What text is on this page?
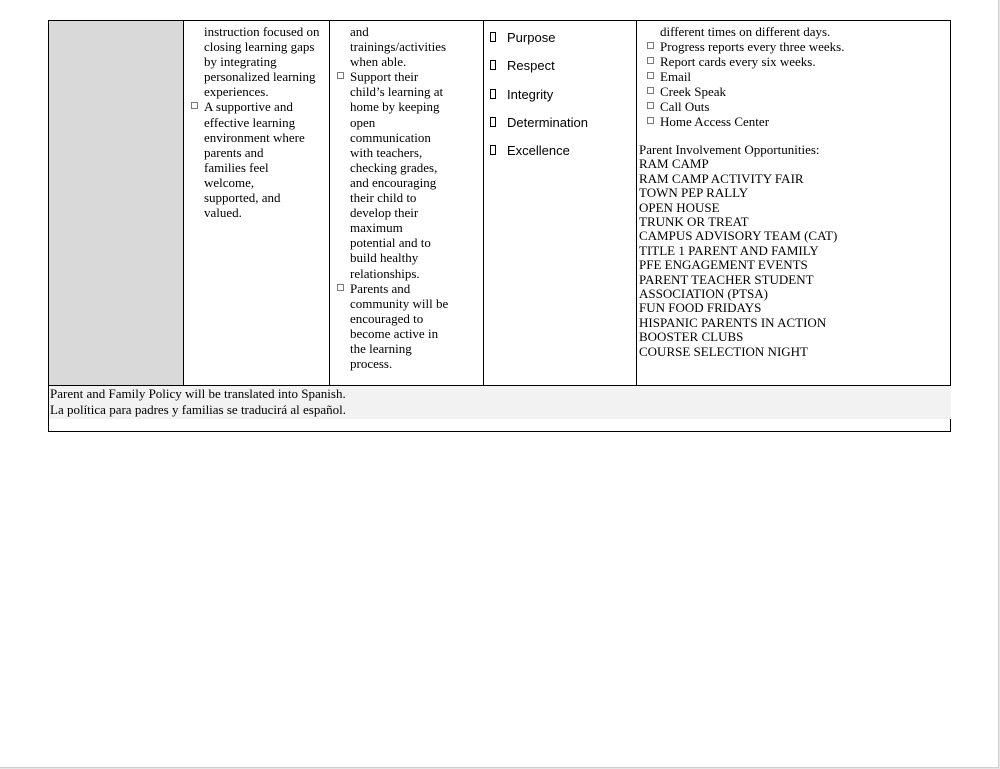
instruction focused on
closing learning gaps
by integrating
personalized learning
experiences.
A supportive and
effective learning
environment where
parents and
families feel
welcome,
supported, and
valued.
and
trainings/activities
when able.
Support their
child’s learning at
home by keeping
open
communication
with teachers,
checking grades,
and encouraging
their child to
develop their
maximum
potential and to
build healthy
relationships.
Parents and
community will be
encouraged to
become active in
the learning
process.
Purpose
Respect
Integrity
Determination
Excellence
different times on different days.
Progress reports every three weeks.
Report cards every six weeks.
Email
Creek Speak
Call Outs
Home Access Center
Parent Involvement Opportunities:
RAM CAMP
RAM CAMP ACTIVITY FAIR
TOWN PEP RALLY
OPEN HOUSE
TRUNK OR TREAT
CAMPUS ADVISORY TEAM (CAT)
TITLE 1 PARENT AND FAMILY
PFE ENGAGEMENT EVENTS
PARENT TEACHER STUDENT
ASSOCIATION (PTSA)
FUN FOOD FRIDAYS
HISPANIC PARENTS IN ACTION
BOOSTER CLUBS
COURSE SELECTION NIGHT
Parent and Family Policy will be translated into Spanish.
La política para padres y familias se traducirá al español.
